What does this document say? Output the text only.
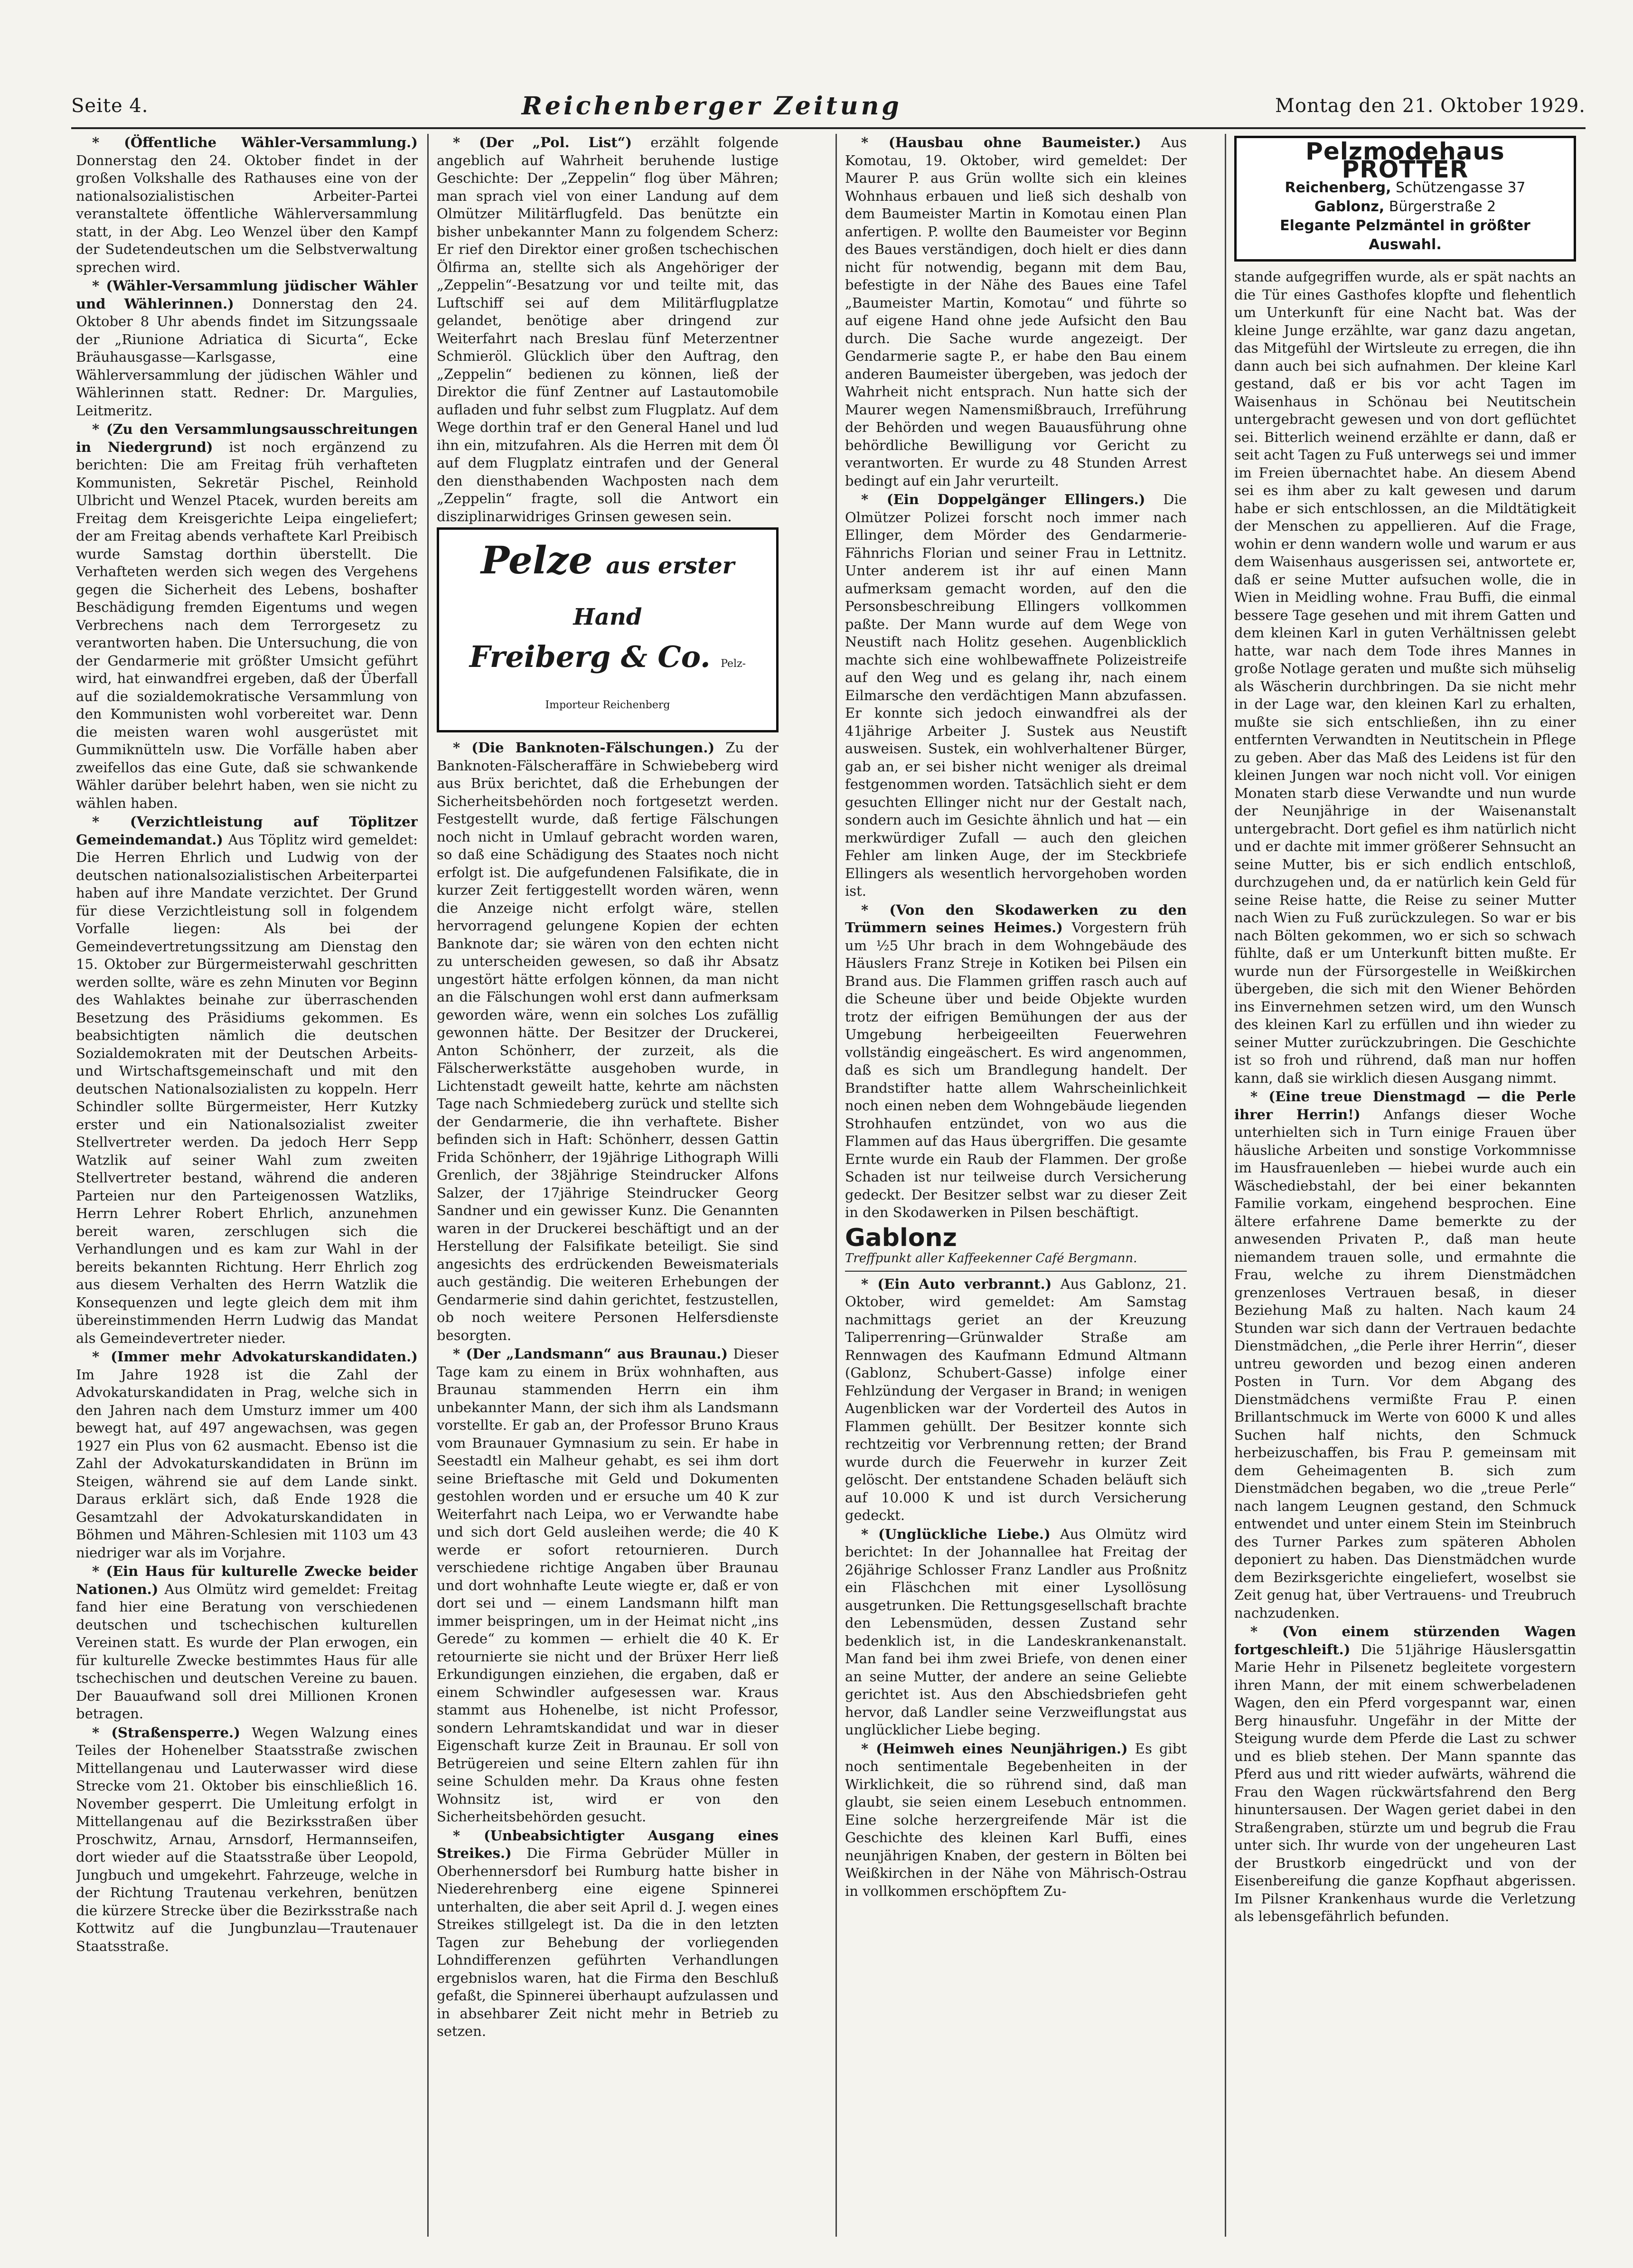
Seite 4.	Reichenberger Zeitung	Montag den 21. Oktober 1929.

* (Öffentliche Wähler-Versammlung.) Donnerstag den 24. Oktober findet in der großen Volkshalle des Rathauses eine von der nationalsozialistischen Arbeiter-Partei veranstaltete öffentliche Wählerversammlung statt, in der Abg. Leo Wenzel über den Kampf der Sudetendeutschen um die Selbstverwaltung sprechen wird.

* (Wähler-Versammlung jüdischer Wähler und Wählerinnen.) Donnerstag den 24. Oktober 8 Uhr abends findet im Sitzungssaale der „Riunione Adriatica di Sicurta“, Ecke Bräuhausgasse—Karlsgasse, eine Wählerversammlung der jüdischen Wähler und Wählerinnen statt. Redner: Dr. Margulies, Leitmeritz.

* (Zu den Versammlungsausschreitungen in Niedergrund) ist noch ergänzend zu berichten: Die am Freitag früh verhafteten Kommunisten, Sekretär Pischel, Reinhold Ulbricht und Wenzel Ptacek, wurden bereits am Freitag dem Kreisgerichte Leipa eingeliefert; der am Freitag abends verhaftete Karl Preibisch wurde Samstag dorthin überstellt. Die Verhafteten werden sich wegen des Vergehens gegen die Sicherheit des Lebens, boshafter Beschädigung fremden Eigentums und wegen Verbrechens nach dem Terrorgesetz zu verantworten haben. Die Untersuchung, die von der Gendarmerie mit größter Umsicht geführt wird, hat einwandfrei ergeben, daß der Überfall auf die sozialdemokratische Versammlung von den Kommunisten wohl vorbereitet war. Denn die meisten waren wohl ausgerüstet mit Gummiknütteln usw. Die Vorfälle haben aber zweifellos das eine Gute, daß sie schwankende Wähler darüber belehrt haben, wen sie nicht zu wählen haben.

* (Verzichtleistung auf Töplitzer Gemeindemandat.) Aus Töplitz wird gemeldet: Die Herren Ehrlich und Ludwig von der deutschen nationalsozialistischen Arbeiterpartei haben auf ihre Mandate verzichtet. Der Grund für diese Verzichtleistung soll in folgendem Vorfalle liegen: Als bei der Gemeindevertretungssitzung am Dienstag den 15. Oktober zur Bürgermeisterwahl geschritten werden sollte, wäre es zehn Minuten vor Beginn des Wahlaktes beinahe zur überraschenden Besetzung des Präsidiums gekommen. Es beabsichtigten nämlich die deutschen Sozialdemokraten mit der Deutschen Arbeits- und Wirtschaftsgemeinschaft und mit den deutschen Nationalsozialisten zu koppeln. Herr Schindler sollte Bürgermeister, Herr Kutzky erster und ein Nationalsozialist zweiter Stellvertreter werden. Da jedoch Herr Sepp Watzlik auf seiner Wahl zum zweiten Stellvertreter bestand, während die anderen Parteien nur den Parteigenossen Watzliks, Herrn Lehrer Robert Ehrlich, anzunehmen bereit waren, zerschlugen sich die Verhandlungen und es kam zur Wahl in der bereits bekannten Richtung. Herr Ehrlich zog aus diesem Verhalten des Herrn Watzlik die Konsequenzen und legte gleich dem mit ihm übereinstimmenden Herrn Ludwig das Mandat als Gemeindevertreter nieder.

* (Immer mehr Advokaturskandidaten.) Im Jahre 1928 ist die Zahl der Advokaturskandidaten in Prag, welche sich in den Jahren nach dem Umsturz immer um 400 bewegt hat, auf 497 angewachsen, was gegen 1927 ein Plus von 62 ausmacht. Ebenso ist die Zahl der Advokaturskandidaten in Brünn im Steigen, während sie auf dem Lande sinkt. Daraus erklärt sich, daß Ende 1928 die Gesamtzahl der Advokaturskandidaten in Böhmen und Mähren-Schlesien mit 1103 um 43 niedriger war als im Vorjahre.

* (Ein Haus für kulturelle Zwecke beider Nationen.) Aus Olmütz wird gemeldet: Freitag fand hier eine Beratung von verschiedenen deutschen und tschechischen kulturellen Vereinen statt. Es wurde der Plan erwogen, ein für kulturelle Zwecke bestimmtes Haus für alle tschechischen und deutschen Vereine zu bauen. Der Bauaufwand soll drei Millionen Kronen betragen.

* (Straßensperre.) Wegen Walzung eines Teiles der Hohenelber Staatsstraße zwischen Mittellangenau und Lauterwasser wird diese Strecke vom 21. Oktober bis einschließlich 16. November gesperrt. Die Umleitung erfolgt in Mittellangenau auf die Bezirksstraßen über Proschwitz, Arnau, Arnsdorf, Hermannseifen, dort wieder auf die Staatsstraße über Leopold, Jungbuch und umgekehrt. Fahrzeuge, welche in der Richtung Trautenau verkehren, benützen die kürzere Strecke über die Bezirksstraße nach Kottwitz auf die Jungbunzlau—Trautenauer Staatsstraße.

* (Der „Pol. List“) erzählt folgende angeblich auf Wahrheit beruhende lustige Geschichte: Der „Zeppelin“ flog über Mähren; man sprach viel von einer Landung auf dem Olmützer Militärflugfeld. Das benützte ein bisher unbekannter Mann zu folgendem Scherz: Er rief den Direktor einer großen tschechischen Ölfirma an, stellte sich als Angehöriger der „Zeppelin“-Besatzung vor und teilte mit, das Luftschiff sei auf dem Militärflugplatze gelandet, benötige aber dringend zur Weiterfahrt nach Breslau fünf Meterzentner Schmieröl. Glücklich über den Auftrag, den „Zeppelin“ bedienen zu können, ließ der Direktor die fünf Zentner auf Lastautomobile aufladen und fuhr selbst zum Flugplatz. Auf dem Wege dorthin traf er den General Hanel und lud ihn ein, mitzufahren. Als die Herren mit dem Öl auf dem Flugplatz eintrafen und der General den diensthabenden Wachposten nach dem „Zeppelin“ fragte, soll die Antwort ein disziplinarwidriges Grinsen gewesen sein.

Pelze aus erster Hand
Freiberg & Co. Pelz-Importeur Reichenberg

* (Die Banknoten-Fälschungen.) Zu der Banknoten-Fälscheraffäre in Schwiebeberg wird aus Brüx berichtet, daß die Erhebungen der Sicherheitsbehörden noch fortgesetzt werden. Festgestellt wurde, daß fertige Fälschungen noch nicht in Umlauf gebracht worden waren, so daß eine Schädigung des Staates noch nicht erfolgt ist. Die aufgefundenen Falsifikate, die in kurzer Zeit fertiggestellt worden wären, wenn die Anzeige nicht erfolgt wäre, stellen hervorragend gelungene Kopien der echten Banknote dar; sie wären von den echten nicht zu unterscheiden gewesen, so daß ihr Absatz ungestört hätte erfolgen können, da man nicht an die Fälschungen wohl erst dann aufmerksam geworden wäre, wenn ein solches Los zufällig gewonnen hätte. Der Besitzer der Druckerei, Anton Schönherr, der zurzeit, als die Fälscherwerkstätte ausgehoben wurde, in Lichtenstadt geweilt hatte, kehrte am nächsten Tage nach Schmiedeberg zurück und stellte sich der Gendarmerie, die ihn verhaftete. Bisher befinden sich in Haft: Schönherr, dessen Gattin Frida Schönherr, der 19jährige Lithograph Willi Grenlich, der 38jährige Steindrucker Alfons Salzer, der 17jährige Steindrucker Georg Sandner und ein gewisser Kunz. Die Genannten waren in der Druckerei beschäftigt und an der Herstellung der Falsifikate beteiligt. Sie sind angesichts des erdrückenden Beweismaterials auch geständig. Die weiteren Erhebungen der Gendarmerie sind dahin gerichtet, festzustellen, ob noch weitere Personen Helfersdienste besorgten.

* (Der „Landsmann“ aus Braunau.) Dieser Tage kam zu einem in Brüx wohnhaften, aus Braunau stammenden Herrn ein ihm unbekannter Mann, der sich ihm als Landsmann vorstellte. Er gab an, der Professor Bruno Kraus vom Braunauer Gymnasium zu sein. Er habe in Seestadtl ein Malheur gehabt, es sei ihm dort seine Brieftasche mit Geld und Dokumenten gestohlen worden und er ersuche um 40 K zur Weiterfahrt nach Leipa, wo er Verwandte habe und sich dort Geld ausleihen werde; die 40 K werde er sofort retournieren. Durch verschiedene richtige Angaben über Braunau und dort wohnhafte Leute wiegte er, daß er von dort sei und — einem Landsmann hilft man immer beispringen, um in der Heimat nicht „ins Gerede“ zu kommen — erhielt die 40 K. Er retournierte sie nicht und der Brüxer Herr ließ Erkundigungen einziehen, die ergaben, daß er einem Schwindler aufgesessen war. Kraus stammt aus Hohenelbe, ist nicht Professor, sondern Lehramtskandidat und war in dieser Eigenschaft kurze Zeit in Braunau. Er soll von Betrügereien und seine Eltern zahlen für ihn seine Schulden mehr. Da Kraus ohne festen Wohnsitz ist, wird er von den Sicherheitsbehörden gesucht.

* (Unbeabsichtigter Ausgang eines Streikes.) Die Firma Gebrüder Müller in Oberhennersdorf bei Rumburg hatte bisher in Niederehrenberg eine eigene Spinnerei unterhalten, die aber seit April d. J. wegen eines Streikes stillgelegt ist. Da die in den letzten Tagen zur Behebung der vorliegenden Lohndifferenzen geführten Verhandlungen ergebnislos waren, hat die Firma den Beschluß gefaßt, die Spinnerei überhaupt aufzulassen und in absehbarer Zeit nicht mehr in Betrieb zu setzen.

* (Hausbau ohne Baumeister.) Aus Komotau, 19. Oktober, wird gemeldet: Der Maurer P. aus Grün wollte sich ein kleines Wohnhaus erbauen und ließ sich deshalb von dem Baumeister Martin in Komotau einen Plan anfertigen. P. wollte den Baumeister vor Beginn des Baues verständigen, doch hielt er dies dann nicht für notwendig, begann mit dem Bau, befestigte in der Nähe des Baues eine Tafel „Baumeister Martin, Komotau“ und führte so auf eigene Hand ohne jede Aufsicht den Bau durch. Die Sache wurde angezeigt. Der Gendarmerie sagte P., er habe den Bau einem anderen Baumeister übergeben, was jedoch der Wahrheit nicht entsprach. Nun hatte sich der Maurer wegen Namensmißbrauch, Irreführung der Behörden und wegen Bauausführung ohne behördliche Bewilligung vor Gericht zu verantworten. Er wurde zu 48 Stunden Arrest bedingt auf ein Jahr verurteilt.

* (Ein Doppelgänger Ellingers.) Die Olmützer Polizei forscht noch immer nach Ellinger, dem Mörder des Gendarmerie-Fähnrichs Florian und seiner Frau in Lettnitz. Unter anderem ist ihr auf einen Mann aufmerksam gemacht worden, auf den die Personsbeschreibung Ellingers vollkommen paßte. Der Mann wurde auf dem Wege von Neustift nach Holitz gesehen. Augenblicklich machte sich eine wohlbewaffnete Polizeistreife auf den Weg und es gelang ihr, nach einem Eilmarsche den verdächtigen Mann abzufassen. Er konnte sich jedoch einwandfrei als der 41jährige Arbeiter J. Sustek aus Neustift ausweisen. Sustek, ein wohlverhaltener Bürger, gab an, er sei bisher nicht weniger als dreimal festgenommen worden. Tatsächlich sieht er dem gesuchten Ellinger nicht nur der Gestalt nach, sondern auch im Gesichte ähnlich und hat — ein merkwürdiger Zufall — auch den gleichen Fehler am linken Auge, der im Steckbriefe Ellingers als wesentlich hervorgehoben worden ist.

* (Von den Skodawerken zu den Trümmern seines Heimes.) Vorgestern früh um ½5 Uhr brach in dem Wohngebäude des Häuslers Franz Streje in Kotiken bei Pilsen ein Brand aus. Die Flammen griffen rasch auch auf die Scheune über und beide Objekte wurden trotz der eifrigen Bemühungen der aus der Umgebung herbeigeeilten Feuerwehren vollständig eingeäschert. Es wird angenommen, daß es sich um Brandlegung handelt. Der Brandstifter hatte allem Wahrscheinlichkeit noch einen neben dem Wohngebäude liegenden Strohhaufen entzündet, von wo aus die Flammen auf das Haus übergriffen. Die gesamte Ernte wurde ein Raub der Flammen. Der große Schaden ist nur teilweise durch Versicherung gedeckt. Der Besitzer selbst war zu dieser Zeit in den Skodawerken in Pilsen beschäftigt.

Gablonz
Treffpunkt aller Kaffeekenner Café Bergmann.

* (Ein Auto verbrannt.) Aus Gablonz, 21. Oktober, wird gemeldet: Am Samstag nachmittags geriet an der Kreuzung Taliperrenring—Grünwalder Straße am Rennwagen des Kaufmann Edmund Altmann (Gablonz, Schubert-Gasse) infolge einer Fehlzündung der Vergaser in Brand; in wenigen Augenblicken war der Vorderteil des Autos in Flammen gehüllt. Der Besitzer konnte sich rechtzeitig vor Verbrennung retten; der Brand wurde durch die Feuerwehr in kurzer Zeit gelöscht. Der entstandene Schaden beläuft sich auf 10.000 K und ist durch Versicherung gedeckt.

* (Unglückliche Liebe.) Aus Olmütz wird berichtet: In der Johannallee hat Freitag der 26jährige Schlosser Franz Landler aus Proßnitz ein Fläschchen mit einer Lysollösung ausgetrunken. Die Rettungsgesellschaft brachte den Lebensmüden, dessen Zustand sehr bedenklich ist, in die Landeskrankenanstalt. Man fand bei ihm zwei Briefe, von denen einer an seine Mutter, der andere an seine Geliebte gerichtet ist. Aus den Abschiedsbriefen geht hervor, daß Landler seine Verzweiflungstat aus unglücklicher Liebe beging.

* (Heimweh eines Neunjährigen.) Es gibt noch sentimentale Begebenheiten in der Wirklichkeit, die so rührend sind, daß man glaubt, sie seien einem Lesebuch entnommen. Eine solche herzergreifende Mär ist die Geschichte des kleinen Karl Buffi, eines neunjährigen Knaben, der gestern in Bölten bei Weißkirchen in der Nähe von Mährisch-Ostrau in vollkommen erschöpftem Zu-

Pelzmodehaus PROTTER
Reichenberg, Schützengasse 37
Gablonz, Bürgerstraße 2
Elegante Pelzmäntel in größter Auswahl.

stande aufgegriffen wurde, als er spät nachts an die Tür eines Gasthofes klopfte und flehentlich um Unterkunft für eine Nacht bat. Was der kleine Junge erzählte, war ganz dazu angetan, das Mitgefühl der Wirtsleute zu erregen, die ihn dann auch bei sich aufnahmen. Der kleine Karl gestand, daß er bis vor acht Tagen im Waisenhaus in Schönau bei Neutitschein untergebracht gewesen und von dort geflüchtet sei. Bitterlich weinend erzählte er dann, daß er seit acht Tagen zu Fuß unterwegs sei und immer im Freien übernachtet habe. An diesem Abend sei es ihm aber zu kalt gewesen und darum habe er sich entschlossen, an die Mildtätigkeit der Menschen zu appellieren. Auf die Frage, wohin er denn wandern wolle und warum er aus dem Waisenhaus ausgerissen sei, antwortete er, daß er seine Mutter aufsuchen wolle, die in Wien in Meidling wohne. Frau Buffi, die einmal bessere Tage gesehen und mit ihrem Gatten und dem kleinen Karl in guten Verhältnissen gelebt hatte, war nach dem Tode ihres Mannes in große Notlage geraten und mußte sich mühselig als Wäscherin durchbringen. Da sie nicht mehr in der Lage war, den kleinen Karl zu erhalten, mußte sie sich entschließen, ihn zu einer entfernten Verwandten in Neutitschein in Pflege zu geben. Aber das Maß des Leidens ist für den kleinen Jungen war noch nicht voll. Vor einigen Monaten starb diese Verwandte und nun wurde der Neunjährige in der Waisenanstalt untergebracht. Dort gefiel es ihm natürlich nicht und er dachte mit immer größerer Sehnsucht an seine Mutter, bis er sich endlich entschloß, durchzugehen und, da er natürlich kein Geld für seine Reise hatte, die Reise zu seiner Mutter nach Wien zu Fuß zurückzulegen. So war er bis nach Bölten gekommen, wo er sich so schwach fühlte, daß er um Unterkunft bitten mußte. Er wurde nun der Fürsorgestelle in Weißkirchen übergeben, die sich mit den Wiener Behörden ins Einvernehmen setzen wird, um den Wunsch des kleinen Karl zu erfüllen und ihn wieder zu seiner Mutter zurückzubringen. Die Geschichte ist so froh und rührend, daß man nur hoffen kann, daß sie wirklich diesen Ausgang nimmt.

* (Eine treue Dienstmagd — die Perle ihrer Herrin!) Anfangs dieser Woche unterhielten sich in Turn einige Frauen über häusliche Arbeiten und sonstige Vorkommnisse im Hausfrauenleben — hiebei wurde auch ein Wäschediebstahl, der bei einer bekannten Familie vorkam, eingehend besprochen. Eine ältere erfahrene Dame bemerkte zu der anwesenden Privaten P., daß man heute niemandem trauen solle, und ermahnte die Frau, welche zu ihrem Dienstmädchen grenzenloses Vertrauen besaß, in dieser Beziehung Maß zu halten. Nach kaum 24 Stunden war sich dann der Vertrauen bedachte Dienstmädchen, „die Perle ihrer Herrin“, dieser untreu geworden und bezog einen anderen Posten in Turn. Vor dem Abgang des Dienstmädchens vermißte Frau P. einen Brillantschmuck im Werte von 6000 K und alles Suchen half nichts, den Schmuck herbeizuschaffen, bis Frau P. gemeinsam mit dem Geheimagenten B. sich zum Dienstmädchen begaben, wo die „treue Perle“ nach langem Leugnen gestand, den Schmuck entwendet und unter einem Stein im Steinbruch des Turner Parkes zum späteren Abholen deponiert zu haben. Das Dienstmädchen wurde dem Bezirksgerichte eingeliefert, woselbst sie Zeit genug hat, über Vertrauens- und Treubruch nachzudenken.

* (Von einem stürzenden Wagen fortgeschleift.) Die 51jährige Häuslersgattin Marie Hehr in Pilsenetz begleitete vorgestern ihren Mann, der mit einem schwerbeladenen Wagen, den ein Pferd vorgespannt war, einen Berg hinausfuhr. Ungefähr in der Mitte der Steigung wurde dem Pferde die Last zu schwer und es blieb stehen. Der Mann spannte das Pferd aus und ritt wieder aufwärts, während die Frau den Wagen rückwärtsfahrend den Berg hinuntersausen. Der Wagen geriet dabei in den Straßengraben, stürzte um und begrub die Frau unter sich. Ihr wurde von der ungeheuren Last der Brustkorb eingedrückt und von der Eisenbereifung die ganze Kopfhaut abgerissen. Im Pilsner Krankenhaus wurde die Verletzung als lebensgefährlich befunden.
